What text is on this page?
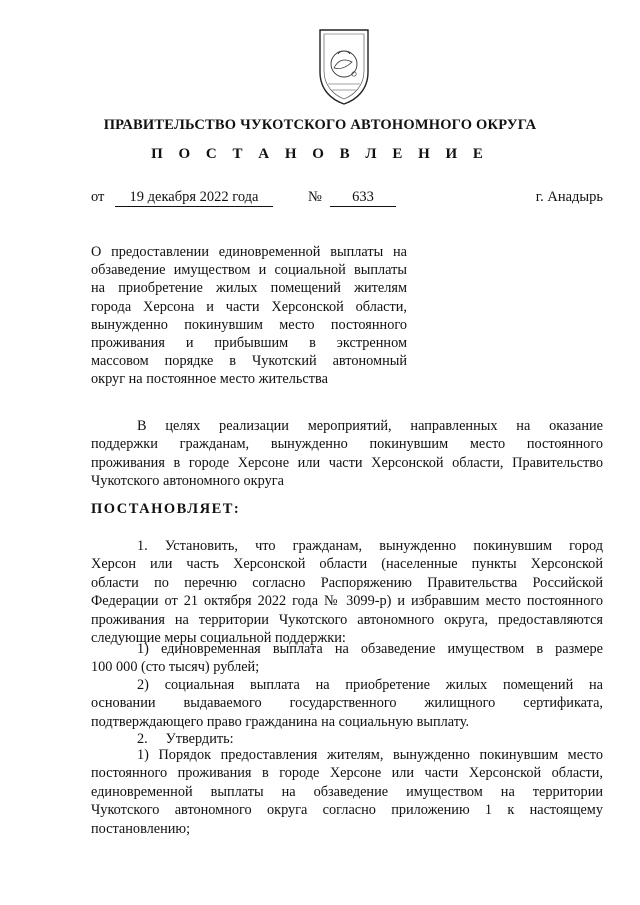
ПРАВИТЕЛЬСТВО ЧУКОТСКОГО АВТОНОМНОГО ОКРУГА
П О С Т А Н О В Л Е Н И Е
от	19 декабря 2022 года	№	633	г. Анадырь
О предоставлении единовременной выплаты на
обзаведение имуществом и социальной выплаты
на приобретение жилых помещений жителям
города Херсона и части Херсонской области,
вынужденно покинувшим место постоянного
проживания и прибывшим в экстренном
массовом порядке в Чукотский автономный
округ на постоянное место жительства
В целях реализации мероприятий, направленных на оказание
поддержки гражданам, вынужденно покинувшим место постоянного
проживания в городе Херсоне или части Херсонской области, Правительство
Чукотского автономного округа
ПОСТАНОВЛЯЕТ:
1. Установить, что гражданам, вынужденно покинувшим город
Херсон или часть Херсонской области (населенные пункты Херсонской
области по перечню согласно Распоряжению Правительства Российской
Федерации от 21 октября 2022 года № 3099-р) и избравшим место постоянного
проживания на территории Чукотского автономного округа, предоставляются
следующие меры социальной поддержки:
1) единовременная выплата на обзаведение имуществом в размере
100 000 (сто тысяч) рублей;
2) социальная выплата на приобретение жилых помещений на
основании выдаваемого государственного жилищного сертификата,
подтверждающего право гражданина на социальную выплату.
2.     Утвердить:
1) Порядок предоставления жителям, вынужденно покинувшим место
постоянного проживания в городе Херсоне или части Херсонской области,
единовременной выплаты на обзаведение имуществом на территории
Чукотского автономного округа согласно приложению 1 к настоящему
постановлению;
